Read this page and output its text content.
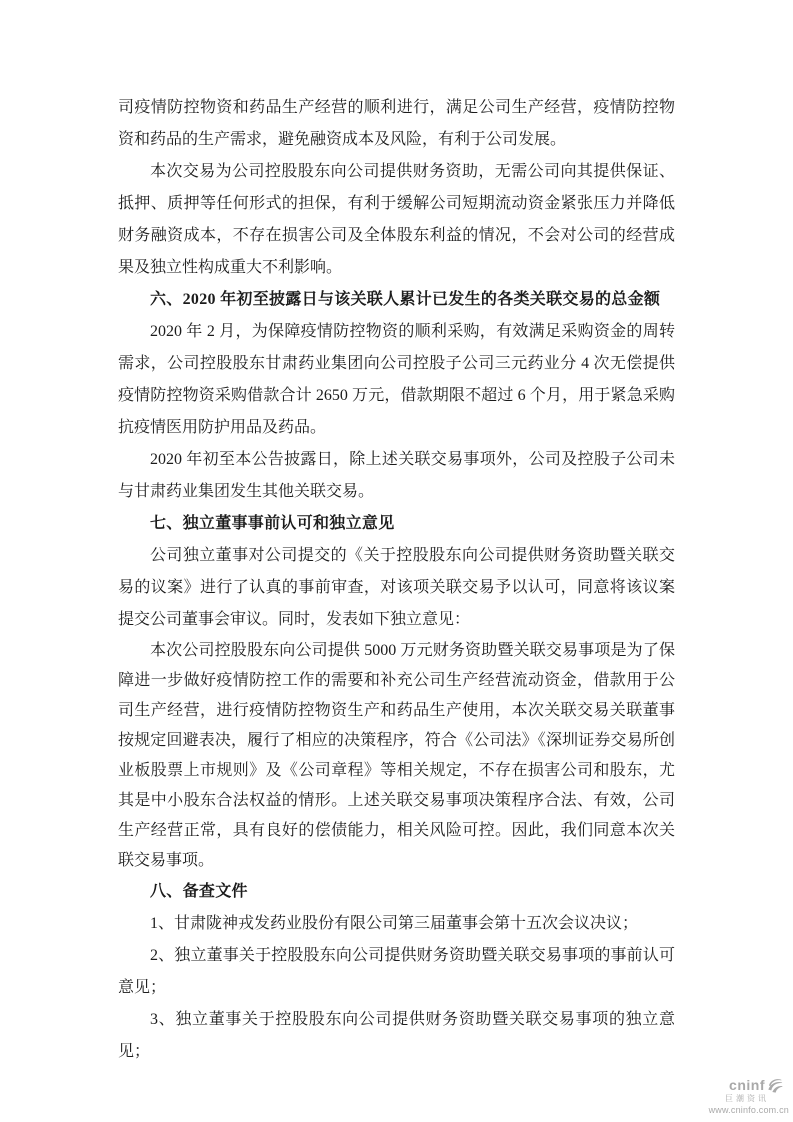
司疫情防控物资和药品生产经营的顺利进行，满足公司生产经营，疫情防控物资和药品的生产需求，避免融资成本及风险，有利于公司发展。

本次交易为公司控股股东向公司提供财务资助，无需公司向其提供保证、抵押、质押等任何形式的担保，有利于缓解公司短期流动资金紧张压力并降低财务融资成本，不存在损害公司及全体股东利益的情况，不会对公司的经营成果及独立性构成重大不利影响。

六、2020 年初至披露日与该关联人累计已发生的各类关联交易的总金额

2020 年 2 月，为保障疫情防控物资的顺利采购，有效满足采购资金的周转需求，公司控股股东甘肃药业集团向公司控股子公司三元药业分 4 次无偿提供疫情防控物资采购借款合计 2650 万元，借款期限不超过 6 个月，用于紧急采购抗疫情医用防护用品及药品。

2020 年初至本公告披露日，除上述关联交易事项外，公司及控股子公司未与甘肃药业集团发生其他关联交易。

七、独立董事事前认可和独立意见

公司独立董事对公司提交的《关于控股股东向公司提供财务资助暨关联交易的议案》进行了认真的事前审查，对该项关联交易予以认可，同意将该议案提交公司董事会审议。同时，发表如下独立意见：

本次公司控股股东向公司提供 5000 万元财务资助暨关联交易事项是为了保障进一步做好疫情防控工作的需要和补充公司生产经营流动资金，借款用于公司生产经营，进行疫情防控物资生产和药品生产使用，本次关联交易关联董事按规定回避表决，履行了相应的决策程序，符合《公司法》《深圳证券交易所创业板股票上市规则》及《公司章程》等相关规定，不存在损害公司和股东，尤其是中小股东合法权益的情形。上述关联交易事项决策程序合法、有效，公司生产经营正常，具有良好的偿债能力，相关风险可控。因此，我们同意本次关联交易事项。

八、备查文件

1、甘肃陇神戎发药业股份有限公司第三届董事会第十五次会议决议；

2、独立董事关于控股股东向公司提供财务资助暨关联交易事项的事前认可意见；

3、独立董事关于控股股东向公司提供财务资助暨关联交易事项的独立意见；

cninf
巨潮资讯
www.cninfo.com.cn
